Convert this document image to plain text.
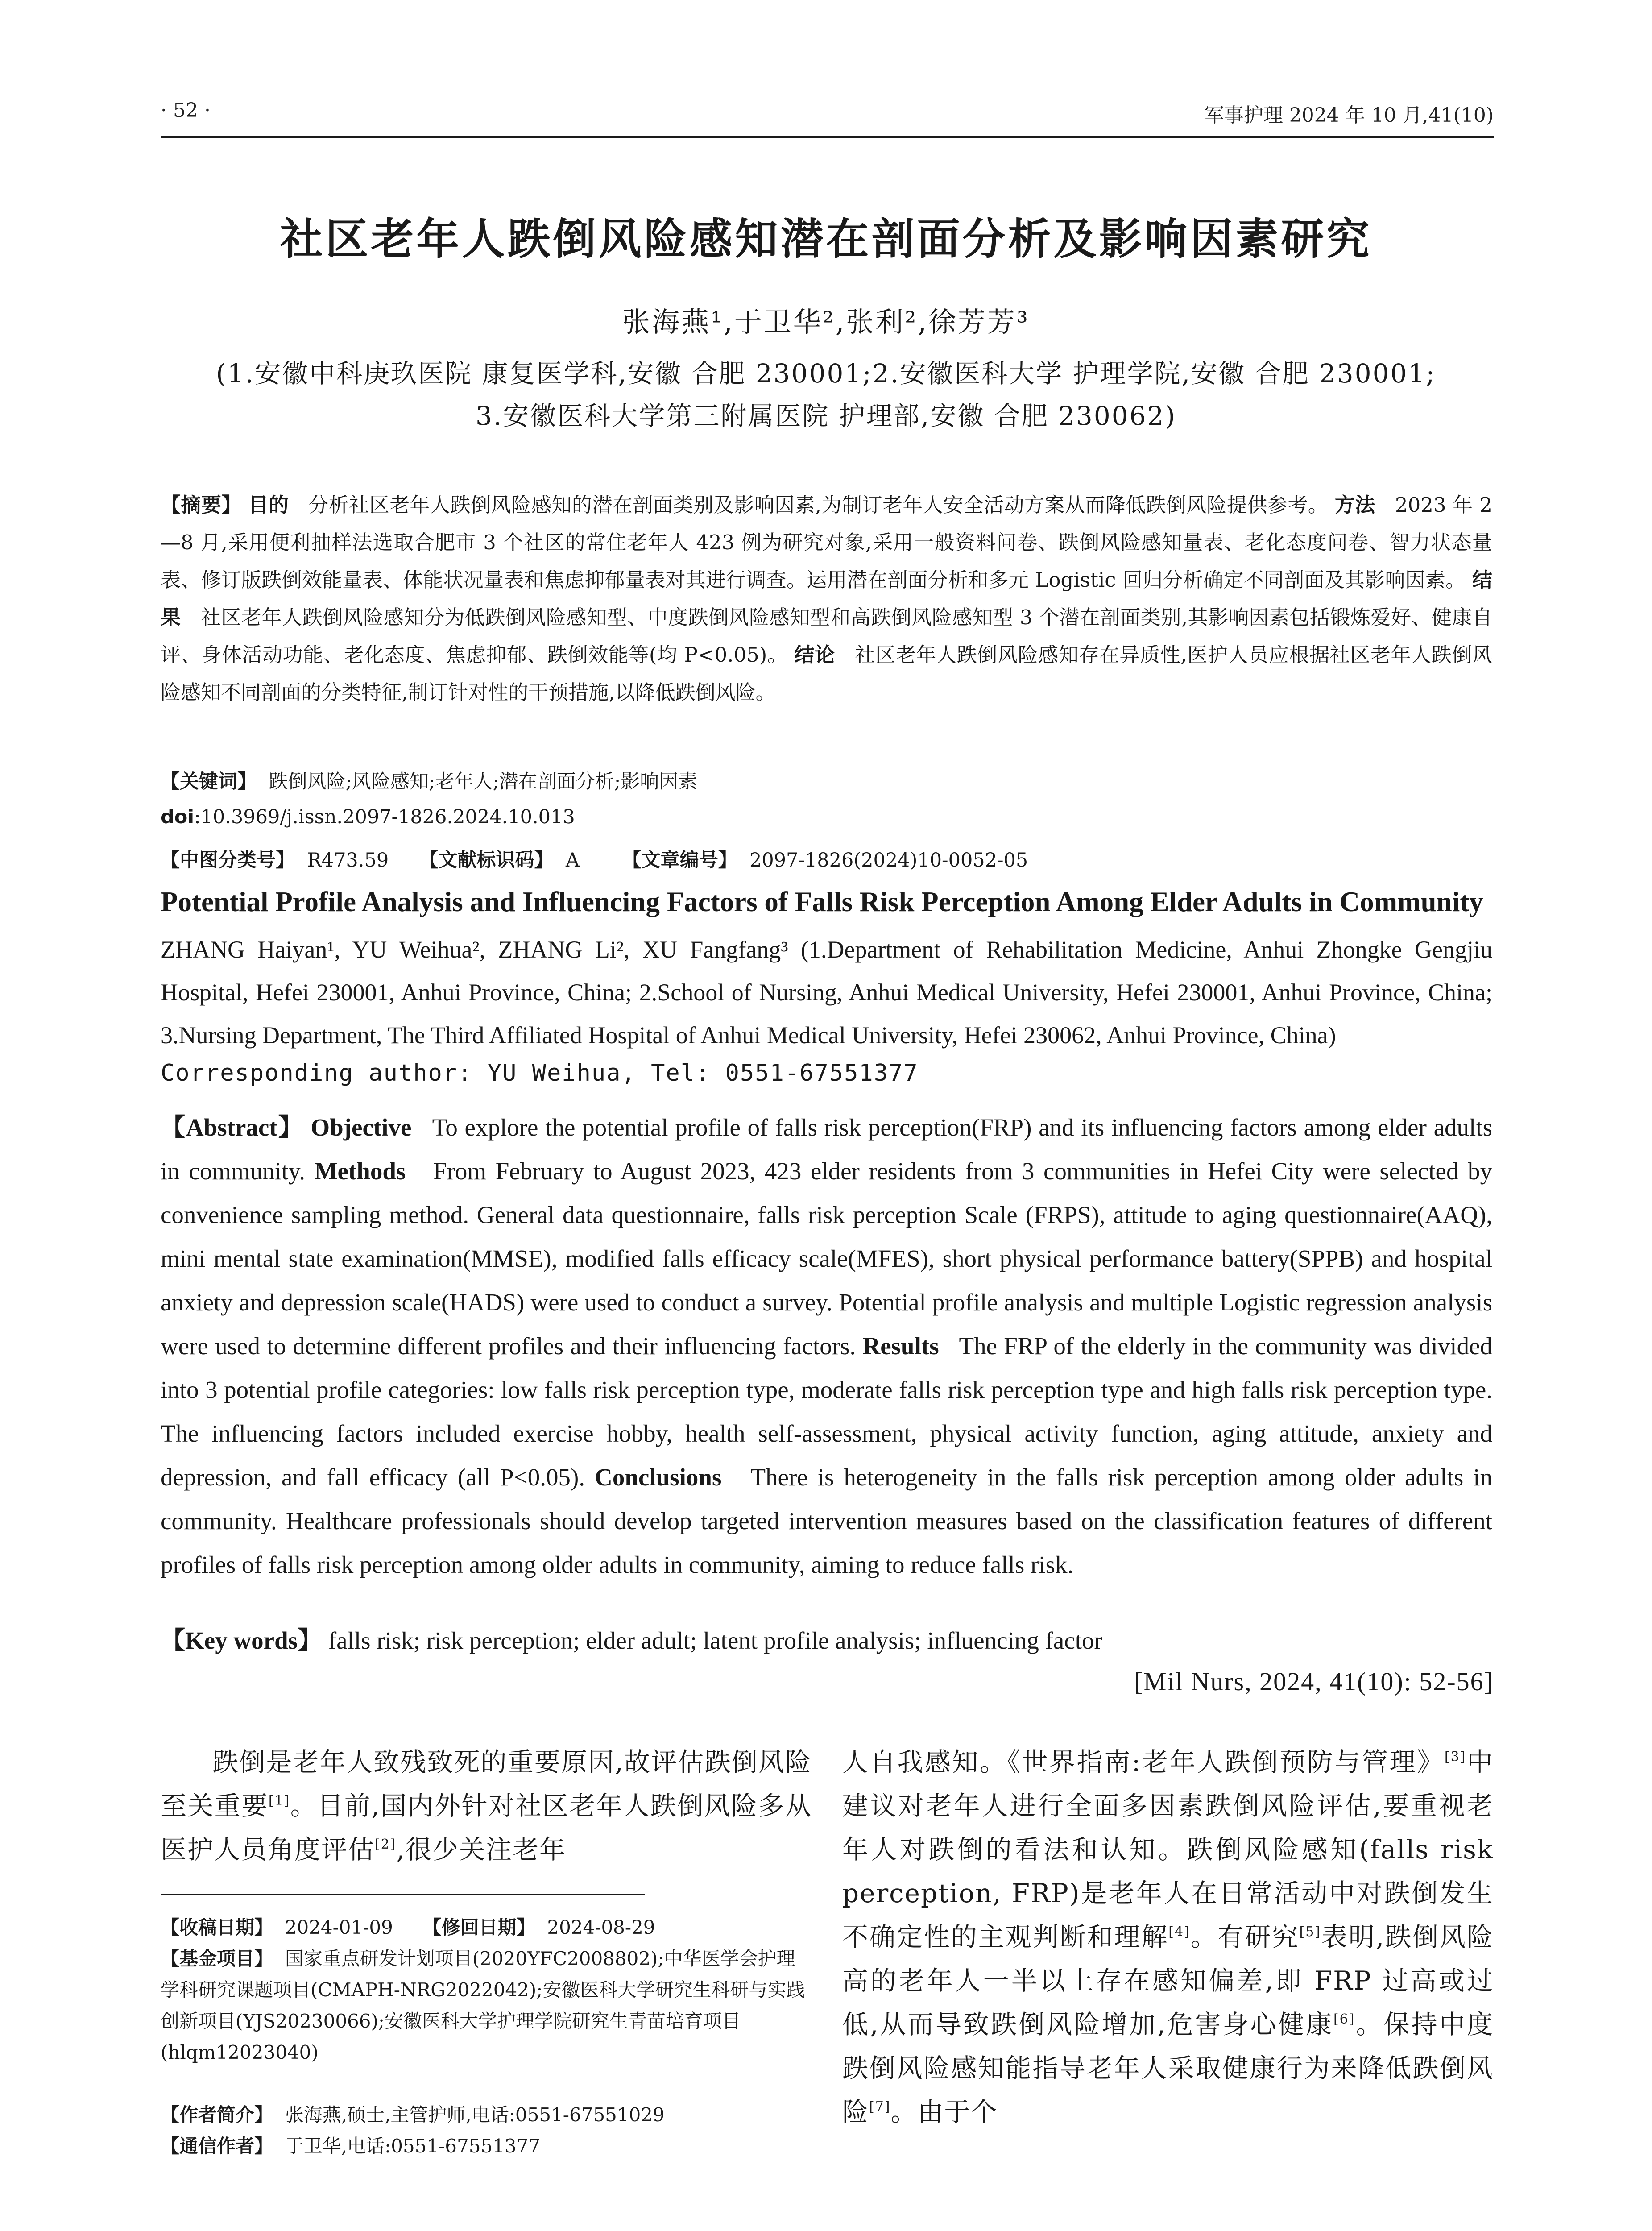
· 52 ·	军事护理 2024 年 10 月,41(10)
社区老年人跌倒风险感知潜在剖面分析及影响因素研究
张海燕¹,于卫华²,张利²,徐芳芳³
(1.安徽中科庚玖医院 康复医学科,安徽 合肥 230001;2.安徽医科大学 护理学院,安徽 合肥 230001;
3.安徽医科大学第三附属医院 护理部,安徽 合肥 230062)
【摘要】 目的 分析社区老年人跌倒风险感知的潜在剖面类别及影响因素,为制订老年人安全活动方案从而降低跌倒风险提供参考。 方法 2023 年 2—8 月,采用便利抽样法选取合肥市 3 个社区的常住老年人 423 例为研究对象,采用一般资料问卷、跌倒风险感知量表、老化态度问卷、智力状态量表、修订版跌倒效能量表、体能状况量表和焦虑抑郁量表对其进行调查。运用潜在剖面分析和多元 Logistic 回归分析确定不同剖面及其影响因素。 结果 社区老年人跌倒风险感知分为低跌倒风险感知型、中度跌倒风险感知型和高跌倒风险感知型 3 个潜在剖面类别,其影响因素包括锻炼爱好、健康自评、身体活动功能、老化态度、焦虑抑郁、跌倒效能等(均 P<0.05)。 结论 社区老年人跌倒风险感知存在异质性,医护人员应根据社区老年人跌倒风险感知不同剖面的分类特征,制订针对性的干预措施,以降低跌倒风险。
【关键词】 跌倒风险;风险感知;老年人;潜在剖面分析;影响因素
doi:10.3969/j.issn.2097-1826.2024.10.013
【中图分类号】 R473.59 【文献标识码】 A 【文章编号】 2097-1826(2024)10-0052-05
Potential Profile Analysis and Influencing Factors of Falls Risk Perception Among Elder Adults in Community
ZHANG Haiyan¹, YU Weihua², ZHANG Li², XU Fangfang³ (1.Department of Rehabilitation Medicine, Anhui Zhongke Gengjiu Hospital, Hefei 230001, Anhui Province, China; 2.School of Nursing, Anhui Medical University, Hefei 230001, Anhui Province, China; 3.Nursing Department, The Third Affiliated Hospital of Anhui Medical University, Hefei 230062, Anhui Province, China)
Corresponding author: YU Weihua, Tel: 0551-67551377
【Abstract】 Objective To explore the potential profile of falls risk perception(FRP) and its influencing factors among elder adults in community. Methods From February to August 2023, 423 elder residents from 3 communities in Hefei City were selected by convenience sampling method. General data questionnaire, falls risk perception Scale (FRPS), attitude to aging questionnaire(AAQ), mini mental state examination(MMSE), modified falls efficacy scale(MFES), short physical performance battery(SPPB) and hospital anxiety and depression scale(HADS) were used to conduct a survey. Potential profile analysis and multiple Logistic regression analysis were used to determine different profiles and their influencing factors. Results The FRP of the elderly in the community was divided into 3 potential profile categories: low falls risk perception type, moderate falls risk perception type and high falls risk perception type. The influencing factors included exercise hobby, health self-assessment, physical activity function, aging attitude, anxiety and depression, and fall efficacy (all P<0.05). Conclusions There is heterogeneity in the falls risk perception among older adults in community. Healthcare professionals should develop targeted intervention measures based on the classification features of different profiles of falls risk perception among older adults in community, aiming to reduce falls risk.
【Key words】 falls risk; risk perception; elder adult; latent profile analysis; influencing factor
[Mil Nurs, 2024, 41(10): 52-56]
跌倒是老年人致残致死的重要原因,故评估跌倒风险至关重要[1]。目前,国内外针对社区老年人跌倒风险多从医护人员角度评估[2],很少关注老年
【收稿日期】 2024-01-09 【修回日期】 2024-08-29
【基金项目】 国家重点研发计划项目(2020YFC2008802);中华医学会护理学科研究课题项目(CMAPH-NRG2022042);安徽医科大学研究生科研与实践创新项目(YJS20230066);安徽医科大学护理学院研究生青苗培育项目(hlqm12023040)
【作者简介】 张海燕,硕士,主管护师,电话:0551-67551029
【通信作者】 于卫华,电话:0551-67551377
人自我感知。《世界指南:老年人跌倒预防与管理》[3]中建议对老年人进行全面多因素跌倒风险评估,要重视老年人对跌倒的看法和认知。跌倒风险感知(falls risk perception, FRP)是老年人在日常活动中对跌倒发生不确定性的主观判断和理解[4]。有研究[5]表明,跌倒风险高的老年人一半以上存在感知偏差,即 FRP 过高或过低,从而导致跌倒风险增加,危害身心健康[6]。保持中度跌倒风险感知能指导老年人采取健康行为来降低跌倒风险[7]。由于个
